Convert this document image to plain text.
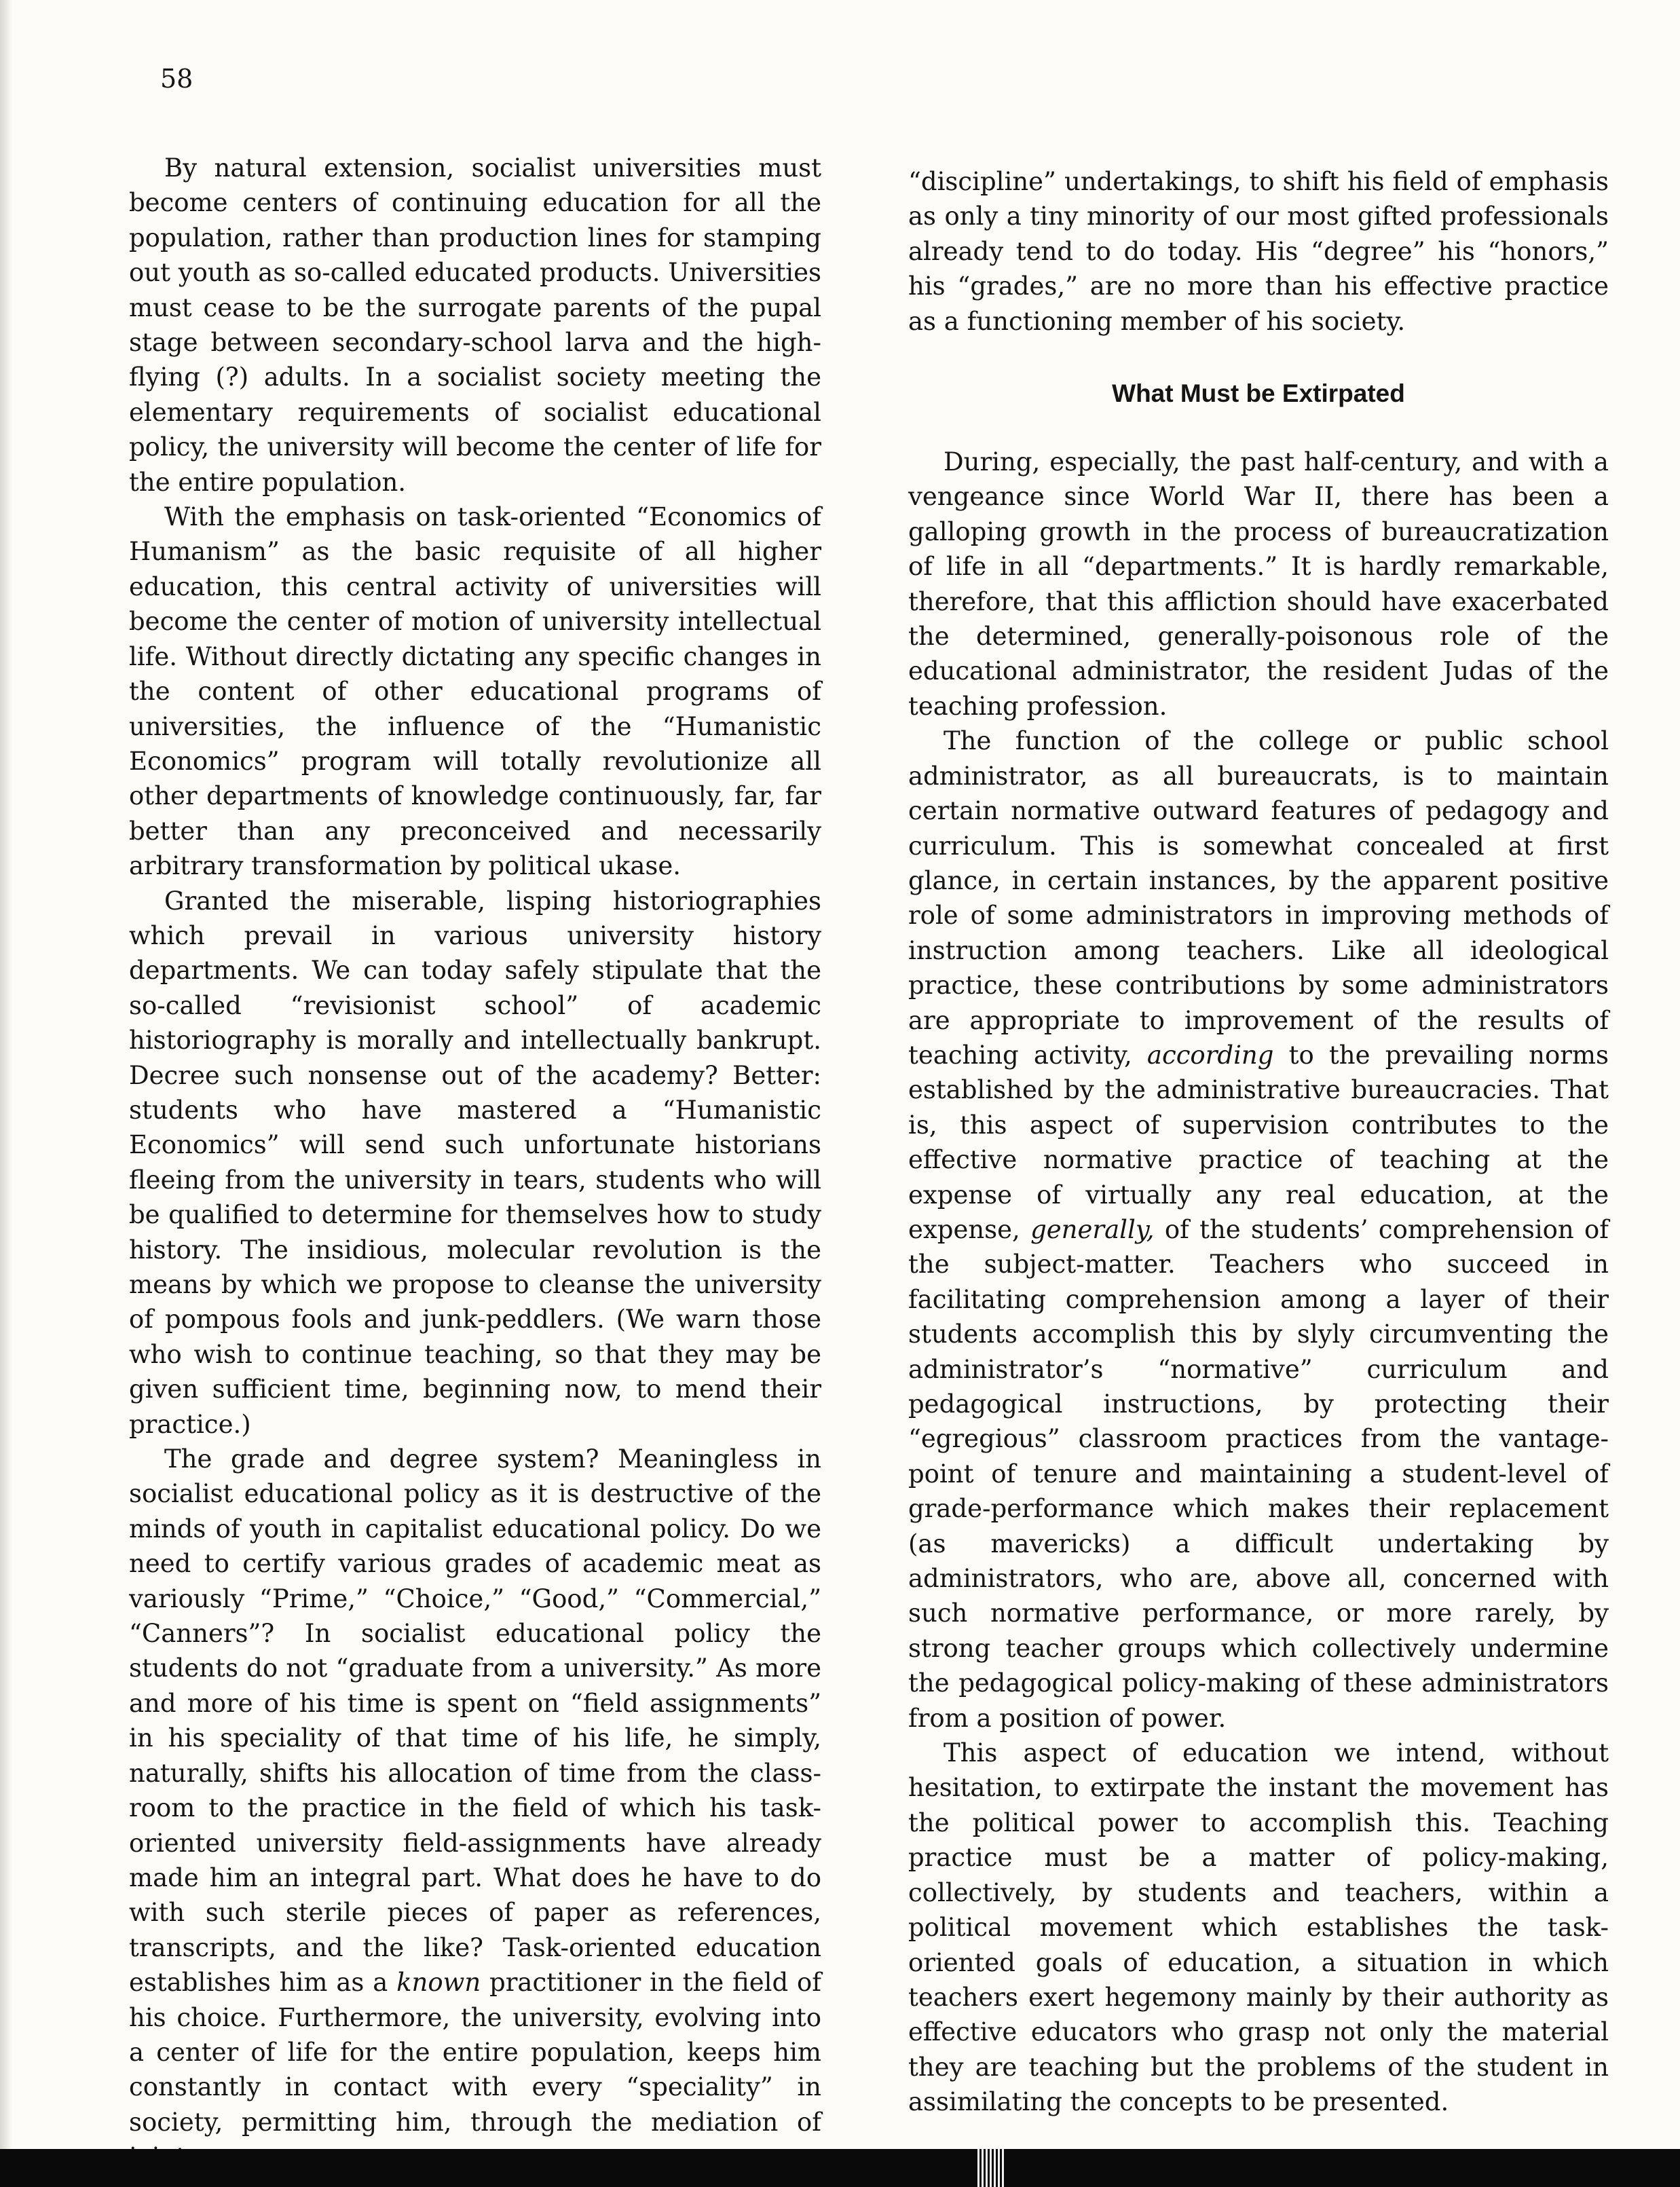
58

By natural extension, socialist universities must become centers of continuing education for all the population, rather than production lines for stamping out youth as so-called educated products. Universities must cease to be the surrogate parents of the pupal stage between secondary-school larva and the high-flying (?) adults. In a socialist society meeting the elementary requirements of socialist educational policy, the university will become the center of life for the entire population.

With the emphasis on task-oriented “Economics of Humanism” as the basic requisite of all higher education, this central activity of universities will become the center of motion of university intellectual life. Without directly dictating any specific changes in the content of other educational programs of universities, the influence of the “Humanistic Economics” program will totally revolutionize all other departments of knowledge continuously, far, far better than any preconceived and necessarily arbitrary transformation by political ukase.

Granted the miserable, lisping historiographies which prevail in various university history departments. We can today safely stipulate that the so-called “revisionist school” of academic historiography is morally and intellectually bankrupt. Decree such nonsense out of the academy? Better: students who have mastered a “Humanistic Economics” will send such unfortunate historians fleeing from the university in tears, students who will be qualified to determine for themselves how to study history. The insidious, molecular revolution is the means by which we propose to cleanse the university of pompous fools and junk-peddlers. (We warn those who wish to continue teaching, so that they may be given sufficient time, beginning now, to mend their practice.)

The grade and degree system? Meaningless in socialist educational policy as it is destructive of the minds of youth in capitalist educational policy. Do we need to certify various grades of academic meat as variously “Prime,” “Choice,” “Good,” “Commercial,” “Canners”? In socialist educational policy the students do not “graduate from a university.” As more and more of his time is spent on “field assignments” in his speciality of that time of his life, he simply, naturally, shifts his allocation of time from the class-room to the practice in the field of which his task-oriented university field-assignments have already made him an integral part. What does he have to do with such sterile pieces of paper as references, transcripts, and the like? Task-oriented education establishes him as a known practitioner in the field of his choice. Furthermore, the university, evolving into a center of life for the entire population, keeps him constantly in contact with every “speciality” in society, permitting him, through the mediation of

“discipline” undertakings, to shift his field of emphasis as only a tiny minority of our most gifted professionals already tend to do today. His “degree” his “honors,” his “grades,” are no more than his effective practice as a functioning member of his society.

What Must be Extirpated

During, especially, the past half-century, and with a vengeance since World War II, there has been a galloping growth in the process of bureaucratization of life in all “departments.” It is hardly remarkable, therefore, that this affliction should have exacerbated the determined, generally-poisonous role of the educational administrator, the resident Judas of the teaching profession.

The function of the college or public school administrator, as all bureaucrats, is to maintain certain normative outward features of pedagogy and curriculum. This is somewhat concealed at first glance, in certain instances, by the apparent positive role of some administrators in improving methods of instruction among teachers. Like all ideological practice, these contributions by some administrators are appropriate to improvement of the results of teaching activity, according to the prevailing norms established by the administrative bureaucracies. That is, this aspect of supervision contributes to the effective normative practice of teaching at the expense of virtually any real education, at the expense, generally, of the students’ comprehension of the subject-matter. Teachers who succeed in facilitating comprehension among a layer of their students accomplish this by slyly circumventing the administrator’s “normative” curriculum and pedagogical instructions, by protecting their “egregious” classroom practices from the vantage-point of tenure and maintaining a student-level of grade-performance which makes their replacement (as mavericks) a difficult undertaking by administrators, who are, above all, concerned with such normative performance, or more rarely, by strong teacher groups which collectively undermine the pedagogical policy-making of these administrators from a position of power.

This aspect of education we intend, without hesitation, to extirpate the instant the movement has the political power to accomplish this. Teaching practice must be a matter of policy-making, collectively, by students and teachers, within a political movement which establishes the task-oriented goals of education, a situation in which teachers exert hegemony mainly by their authority as effective educators who grasp not only the material they are teaching but the problems of the student in assimilating the concepts to be presented.
